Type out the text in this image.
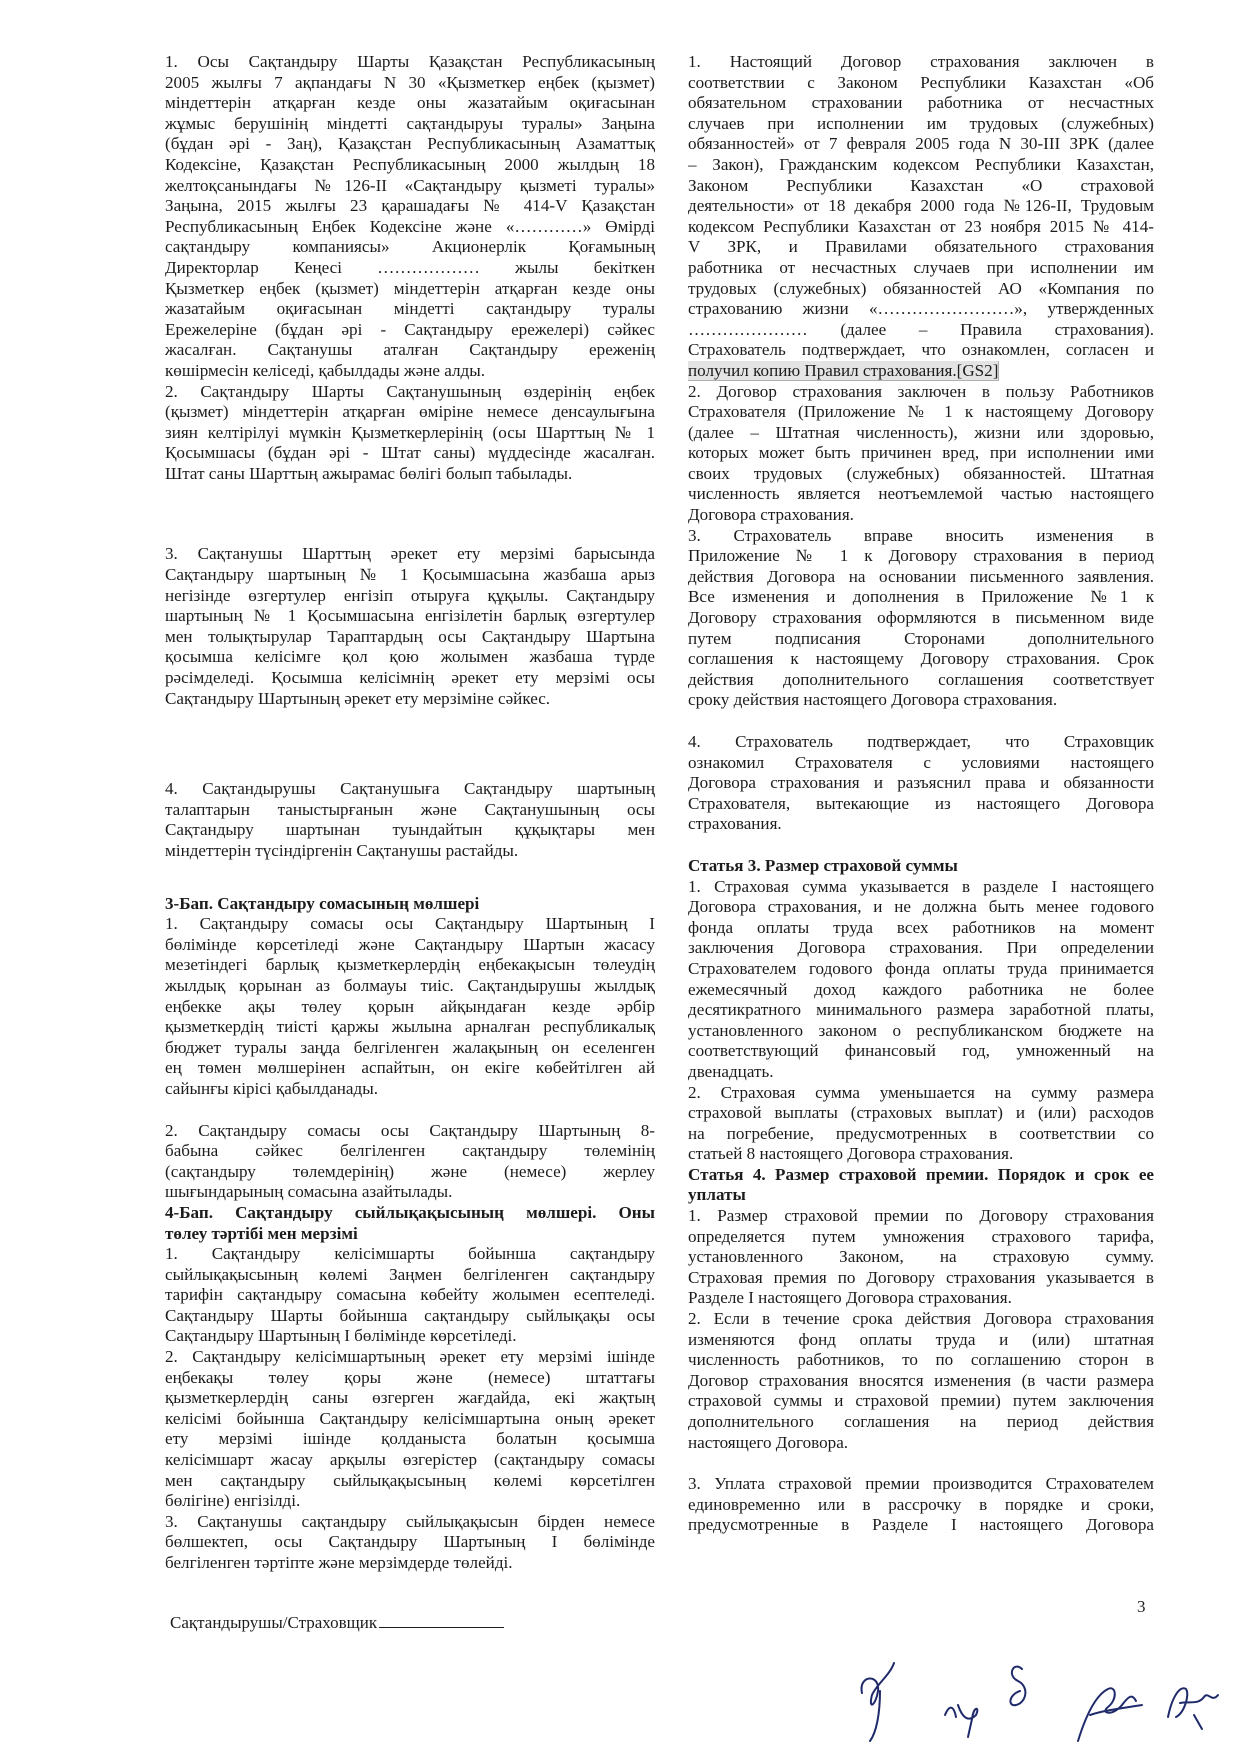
1. Осы Сақтандыру Шарты Қазақстан Республикасының
2005 жылғы 7 ақпандағы N 30 «Қызметкер еңбек (қызмет)
міндеттерін атқарған кезде оны жазатайым оқиғасынан
жұмыс берушінің міндетті сақтандыруы туралы» Заңына
(бұдан әрі - Заң), Қазақстан Республикасының Азаматтық
Кодексіне, Қазақстан Республикасының 2000 жылдың 18
желтоқсанындағы №126-II «Сақтандыру қызметі туралы»
Заңына, 2015 жылғы 23 қарашадағы № 414-V Қазақстан
Республикасының Еңбек Кодексіне және «…………» Өмірді
сақтандыру компаниясы» Акционерлік Қоғамының
Директорлар Кеңесі ……………… жылы бекіткен
Қызметкер еңбек (қызмет) міндеттерін атқарған кезде оны
жазатайым оқиғасынан міндетті сақтандыру туралы
Ережелеріне (бұдан әрі - Сақтандыру ережелері) сәйкес
жасалған. Сақтанушы аталған Сақтандыру ереженің
көшірмесін келіседі, қабылдады және алды.
2. Сақтандыру Шарты Сақтанушының өздерінің еңбек
(қызмет) міндеттерін атқарған өміріне немесе денсаулығына
зиян келтірілуі мүмкін Қызметкерлерінің (осы Шарттың № 1
Қосымшасы (бұдан әрі - Штат саны) мүддесінде жасалған.
Штат саны Шарттың ажырамас бөлігі болып табылады.
3. Сақтанушы Шарттың әрекет ету мерзімі барысында
Сақтандыру шартының № 1 Қосымшасына жазбаша арыз
негізінде өзгертулер енгізіп отыруға құқылы. Сақтандыру
шартының № 1 Қосымшасына енгізілетін барлық өзгертулер
мен толықтырулар Тараптардың осы Сақтандыру Шартына
қосымша келісімге қол қою жолымен жазбаша түрде
рәсімделеді. Қосымша келісімнің әрекет ету мерзімі осы
Сақтандыру Шартының әрекет ету мерзіміне сәйкес.
4. Сақтандырушы Сақтанушыға Сақтандыру шартының
талаптарын таныстырғанын және Сақтанушының осы
Сақтандыру шартынан туындайтын құқықтары мен
міндеттерін түсіндіргенін Сақтанушы растайды.
3-Бап. Сақтандыру сомасының мөлшері
1. Сақтандыру сомасы осы Сақтандыру Шартының I
бөлімінде көрсетіледі және Сақтандыру Шартын жасасу
мезетіндегі барлық қызметкерлердің еңбекақысын төлеудің
жылдық қорынан аз болмауы тиіс. Сақтандырушы жылдық
еңбекке ақы төлеу қорын айқындаған кезде әрбір
қызметкердің тиісті қаржы жылына арналған республикалық
бюджет туралы заңда белгіленген жалақының он еселенген
ең төмен мөлшерінен аспайтын, он екіге көбейтілген ай
сайынғы кірісі қабылданады.
2. Сақтандыру сомасы осы Сақтандыру Шартының 8-
бабына сәйкес белгіленген сақтандыру төлемінің
(сақтандыру төлемдерінің) және (немесе) жерлеу
шығындарының сомасына азайтылады.
4-Бап. Сақтандыру сыйлықақысының мөлшері. Оны
төлеу тәртібі мен мерзімі
1. Сақтандыру келісімшарты бойынша сақтандыру
сыйлықақысының көлемі Заңмен белгіленген сақтандыру
тарифін сақтандыру сомасына көбейту жолымен есептеледі.
Сақтандыру Шарты бойынша сақтандыру сыйлықақы осы
Сақтандыру Шартының I бөлімінде көрсетіледі.
2. Сақтандыру келісімшартының әрекет ету мерзімі ішінде
еңбекақы төлеу қоры және (немесе) штаттағы
қызметкерлердің саны өзгерген жағдайда, екі жақтың
келісімі бойынша Сақтандыру келісімшартына оның әрекет
ету мерзімі ішінде қолданыста болатын қосымша
келісімшарт жасау арқылы өзгерістер (сақтандыру сомасы
мен сақтандыру сыйлықақысының көлемі көрсетілген
бөлігіне) енгізілді.
3. Сақтанушы сақтандыру сыйлықақысын бірден немесе
бөлшектеп, осы Сақтандыру Шартының I бөлімінде
белгіленген тәртіпте және мерзімдерде төлейді.
1. Настоящий Договор страхования заключен в
соответствии с Законом Республики Казахстан «Об
обязательном страховании работника от несчастных
случаев при исполнении им трудовых (служебных)
обязанностей» от 7 февраля 2005 года N 30-III ЗРК (далее
– Закон), Гражданским кодексом Республики Казахстан,
Законом Республики Казахстан «О страховой
деятельности» от 18 декабря 2000 года №126-II, Трудовым
кодексом Республики Казахстан от 23 ноября 2015 № 414-
V ЗРК, и Правилами обязательного страхования
работника от несчастных случаев при исполнении им
трудовых (служебных) обязанностей АО «Компания по
страхованию жизни «……………………», утвержденных
………………… (далее – Правила страхования).
Страхователь подтверждает, что ознакомлен, согласен и
получил копию Правил страхования.[GS2]
2. Договор страхования заключен в пользу Работников
Страхователя (Приложение № 1 к настоящему Договору
(далее – Штатная численность), жизни или здоровью,
которых может быть причинен вред, при исполнении ими
своих трудовых (служебных) обязанностей. Штатная
численность является неотъемлемой частью настоящего
Договора страхования.
3. Страхователь вправе вносить изменения в
Приложение № 1 к Договору страхования в период
действия Договора на основании письменного заявления.
Все изменения и дополнения в Приложение №1 к
Договору страхования оформляются в письменном виде
путем подписания Сторонами дополнительного
соглашения к настоящему Договору страхования. Срок
действия дополнительного соглашения соответствует
сроку действия настоящего Договора страхования.
4. Страхователь подтверждает, что Страховщик
ознакомил Страхователя с условиями настоящего
Договора страхования и разъяснил права и обязанности
Страхователя, вытекающие из настоящего Договора
страхования.
Статья 3. Размер страховой суммы
1. Страховая сумма указывается в разделе I настоящего
Договора страхования, и не должна быть менее годового
фонда оплаты труда всех работников на момент
заключения Договора страхования. При определении
Страхователем годового фонда оплаты труда принимается
ежемесячный доход каждого работника не более
десятикратного минимального размера заработной платы,
установленного законом о республиканском бюджете на
соответствующий финансовый год, умноженный на
двенадцать.
2. Страховая сумма уменьшается на сумму размера
страховой выплаты (страховых выплат) и (или) расходов
на погребение, предусмотренных в соответствии со
статьей 8 настоящего Договора страхования.
Статья 4. Размер страховой премии. Порядок и срок ее
уплаты
1. Размер страховой премии по Договору страхования
определяется путем умножения страхового тарифа,
установленного Законом, на страховую сумму.
Страховая премия по Договору страхования указывается в
Разделе I настоящего Договора страхования.
2. Если в течение срока действия Договора страхования
изменяются фонд оплаты труда и (или) штатная
численность работников, то по соглашению сторон в
Договор страхования вносятся изменения (в части размера
страховой суммы и страховой премии) путем заключения
дополнительного соглашения на период действия
настоящего Договора.
3. Уплата страховой премии производится Страхователем
единовременно или в рассрочку в порядке и сроки,
предусмотренные в Разделе I настоящего Договора
Сақтандырушы/Страховщик
3
